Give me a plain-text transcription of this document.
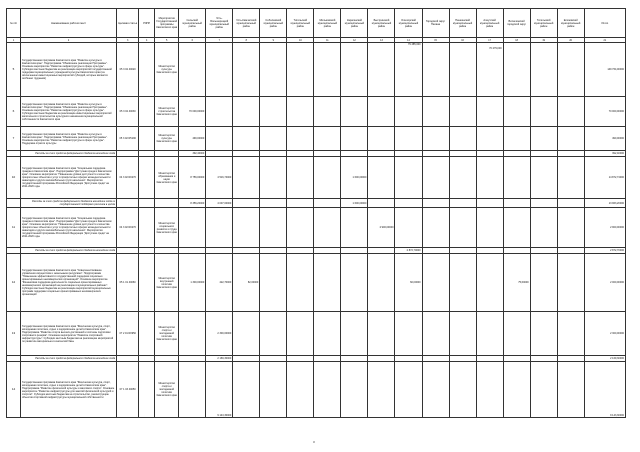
№ п/п	Наименование рабочих мест	Целевая статья	РЗПР	Мероприятия Государственной программы Камчатского края	Сельский муниципальный район	Усть-Большерецкий муниципальный район	Усть-Камчатский муниципальный район	Соболевский муниципальный район	Тигильский муниципальный район	Мильковский муниципальный район	Карагинский муниципальный район	Быстринский муниципальный район	Олюторский муниципальный район	Городской округ Палана	Пенжинский муниципальный район	Алеутский муниципальный район	Вилючинский городской округ	Тигильский муниципальный район	Елизовский муниципальный район	Итого
1	2	3	4	5	6	7	8	9	10	11	12	13	14	15	16	17	18	19	20	21
5	Государственная программа Камчатского края "Развитие культуры в Камчатском крае". Подпрограмма "Обновление реализации Программы". Основное мероприятие "Развитие инфраструктуры в сфере культуры". Субсидии местным бюджетам на реализацию мероприятий государственной поддержки муниципальных учреждений культуры Камчатского края (за исключением инвестиционных мероприятий субсидий, которые являются особенно трудными)	05 3 02 40020		Министерство культуры Камчатского края									79 485,000			70 279,000				149 764,00000
6	Государственная программа Камчатского края "Развитие культуры в Камчатском крае". Подпрограмма "Обновление реализации Программы". Основное мероприятие "Развитие инфраструктуры в сфере культуры". Субсидии местным бюджетам на реализацию инвестиционных мероприятий капитального строительства культурного назначения муниципальной собственности Камчатского края	05 3 02 40030		Министерство строительства Камчатского края	70 000,00000															70 000,00000
7	Государственная программа Камчатского края "Развитие культуры в Камчатском крае". Подпрограмма "Обновление реализации Программы". Основное мероприятие "Развитие инфраструктуры в сфере культуры". Поддержка отрасли культуры	05 3 02 R5190		Министерство культуры Камчатского края	490,00000															490,00000
	Расходы за счет средств федерального бюджета вошедшие сюда				392,40000															392,40000
10	Государственная программа Камчатского края "Социальная поддержка граждан в Камчатском крае". Подпрограмма "Доступная среда в Камчатском крае". Основное мероприятие "Повышение уровня доступности и качества приоритетных объектов и услуг в приоритетных сферах жизнедеятельности инвалидов и других маломобильных групп населения". Мероприятия государственной программы Российской Федерации "Доступная среда" на 2011-2020 годы	04 3 02 R0270		Министерство образования и науки Камчатского края	8 756,00000	4 516,74000					1 600,00000									14 872,74000
	Расходы за счет средств федерального бюджета вошедшие сюда из государственной поддержки регионов в целом				8 356,20000	4 007,00000					1 600,00000									13 963,20000
11	Государственная программа Камчатского края "Социальная поддержка граждан в Камчатском крае". Подпрограмма "Доступная среда в Камчатском крае". Основное мероприятие "Повышение уровня доступности и качества приоритетных объектов и услуг в приоритетных сферах жизнедеятельности инвалидов и других маломобильных групп населения". Мероприятия государственной программы Российской Федерации "Доступная среда" на 2011-2020 годы	04 3 02 R0270		Министерство социального развития и труда Камчатского края								2 900,00000								2 900,00000
	Расходы за счет средств федерального бюджета вошедшие сюда												2 872,70000							2 872,70000
12	Государственная программа Камчатского края "Совершенствование управления имуществом и земельными ресурсами". Подпрограмма "Повышение эффективности государственной поддержки социально ориентированных некоммерческих организаций". Основное мероприятие "Финансовая поддержка деятельности социально ориентированных некоммерческих организаций на реализацию в муниципальных районах". Субсидии местным бюджетам на реализацию мероприятий муниципальных программ поддержки социально ориентированных некоммерческих организаций	05 1 01 40060		Министерство внутренней политики Камчатского края	1 300,00000	422,70000	82,00000						60,00000				75,60000			2 000,00000
13	Государственная программа Камчатского края "Физическая культура, спорт, молодежная политика, отдых и оздоровление детей в Камчатском крае". Подпрограмма "Развитие спорта высших достижений и системы подготовки спортивного резерва". Основное мероприятие "Развитие спортивной инфраструктуры". Субсидии местным бюджетам на реализацию мероприятий по развитию материально-технической базы	07 2 01 R0950		Министерство спорта и молодежной политики Камчатского края		2 300,00000														2 300,00000
	Расходы за счет средств федерального бюджета вошедшие сюда					2 169,30000														2 169,30000
14	Государственная программа Камчатского края "Физическая культура, спорт, молодежная политика, отдых и оздоровление детей в Камчатском крае". Подпрограмма "Развитие физической культуры и массового спорта". Основное мероприятие "Развитие инфраструктуры для занятий физической культурой и спортом". Субсидии местным бюджетам на строительство, реконструкцию объектов спортивной инфраструктуры муниципальной собственности	07 1 03 40050		Министерство спорта и молодежной политики Камчатского края		9 143,30000														9 143,30000
3
